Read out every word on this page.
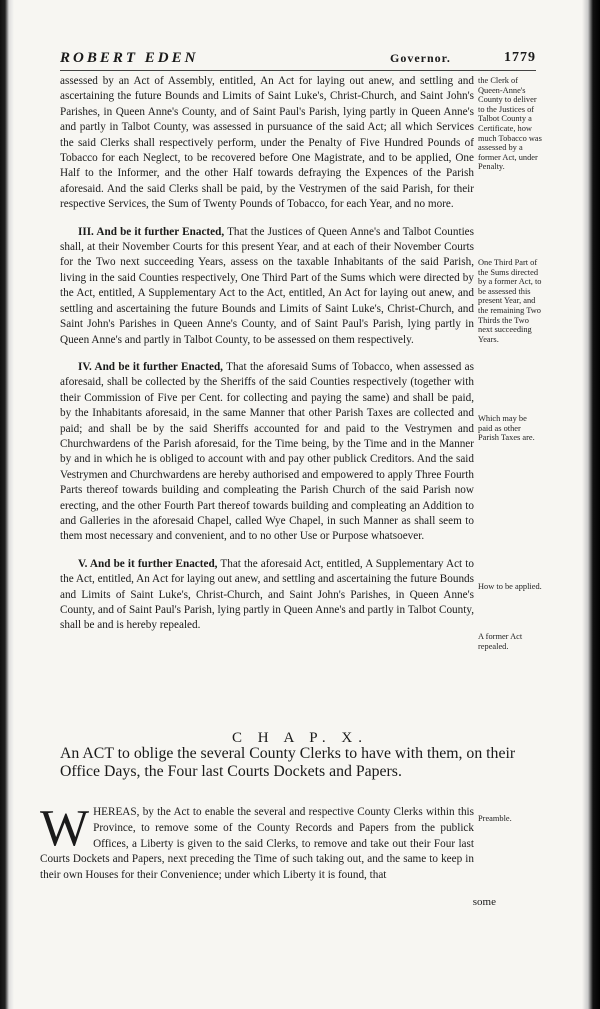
ROBERT EDEN	Governor.	1779

assessed by an Act of Assembly, entitled, An Act for laying out anew, and settling and ascertaining the future Bounds and Limits of Saint Luke's, Christ-Church, and Saint John's Parishes, in Queen Anne's County, and of Saint Paul's Parish, lying partly in Queen Anne's and partly in Talbot County, was assessed in pursuance of the said Act; all which Services the said Clerks shall respectively perform, under the Penalty of Five Hundred Pounds of Tobacco for each Neglect, to be recovered before One Magistrate, and to be applied, One Half to the Informer, and the other Half towards defraying the Expences of the Parish aforesaid. And the said Clerks shall be paid, by the Vestrymen of the said Parish, for their respective Services, the Sum of Twenty Pounds of Tobacco, for each Year, and no more.

III. And be it further Enacted, That the Justices of Queen Anne's and Talbot Counties shall, at their November Courts for this present Year, and at each of their November Courts for the Two next succeeding Years, assess on the taxable Inhabitants of the said Parish, living in the said Counties respectively, One Third Part of the Sums which were directed by the Act, entitled, A Supplementary Act to the Act, entitled, An Act for laying out anew, and settling and ascertaining the future Bounds and Limits of Saint Luke's, Christ-Church, and Saint John's Parishes in Queen Anne's County, and of Saint Paul's Parish, lying partly in Queen Anne's and partly in Talbot County, to be assessed on them respectively.

IV. And be it further Enacted, That the aforesaid Sums of Tobacco, when assessed as aforesaid, shall be collected by the Sheriffs of the said Counties respectively (together with their Commission of Five per Cent. for collecting and paying the same) and shall be paid, by the Inhabitants aforesaid, in the same Manner that other Parish Taxes are collected and paid; and shall be by the said Sheriffs accounted for and paid to the Vestrymen and Churchwardens of the Parish aforesaid, for the Time being, by the Time and in the Manner by and in which he is obliged to account with and pay other publick Creditors. And the said Vestrymen and Churchwardens are hereby authorised and empowered to apply Three Fourth Parts thereof towards building and compleating the Parish Church of the said Parish now erecting, and the other Fourth Part thereof towards building and compleating an Addition to and Galleries in the aforesaid Chapel, called Wye Chapel, in such Manner as shall seem to them most necessary and convenient, and to no other Use or Purpose whatsoever.

V. And be it further Enacted, That the aforesaid Act, entitled, A Supplementary Act to the Act, entitled, An Act for laying out anew, and settling and ascertaining the future Bounds and Limits of Saint Luke's, Christ-Church, and Saint John's Parishes, in Queen Anne's County, and of Saint Paul's Parish, lying partly in Queen Anne's and partly in Talbot County, shall be and is hereby repealed.

the Clerk of Queen-Anne's County to deliver to the Justices of Talbot County a Certificate, how much Tobacco was assessed by a former Act, under Penalty.
One Third Part of the Sums directed by a former Act, to be assessed this present Year, and the remaining Two Thirds the Two next succeeding Years.
Which may be paid as other Parish Taxes are.
How to be applied.
A former Act repealed.
Preamble.
C H A P. X.
An ACT to oblige the several County Clerks to have with them, on their Office Days, the Four last Courts Dockets and Papers.
W HEREAS, by the Act to enable the several and respective County Clerks within this Province, to remove some of the County Records and Papers from the publick Offices, a Liberty is given to the said Clerks, to remove and take out their Four last Courts Dockets and Papers, next preceding the Time of such taking out, and the same to keep in their own Houses for their Convenience; under which Liberty it is found, that
some
